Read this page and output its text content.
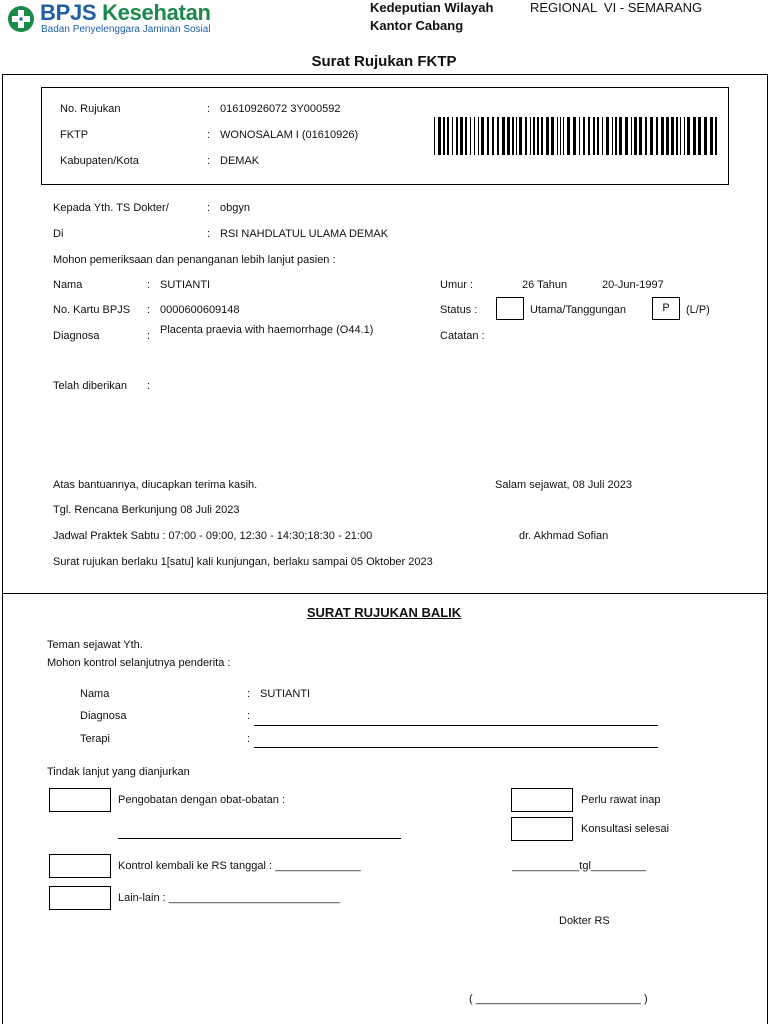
BPJS Kesehatan
Badan Penyelenggara Jaminan Sosial
Kedeputian Wilayah
Kantor Cabang
REGIONAL  VI - SEMARANG
Surat Rujukan FKTP
No. Rujukan	: 01610926072 3Y000592
FKTP	: WONOSALAM I (01610926)
Kabupaten/Kota	: DEMAK
Kepada Yth. TS Dokter/	: obgyn
Di	: RSI NAHDLATUL ULAMA DEMAK
Mohon pemeriksaan dan penanganan lebih lanjut pasien :
Nama	: SUTIANTI
No. Kartu BPJS : 0000600609148
Diagnosa	: Placenta praevia with haemorrhage (O44.1)
Umur :	26 Tahun	20-Jun-1997
Status :	Utama/Tanggungan	P	(L/P)
Catatan :
Telah diberikan :
Atas bantuannya, diucapkan terima kasih.	Salam sejawat, 08 Juli 2023
Tgl. Rencana Berkunjung 08 Juli 2023
Jadwal Praktek Sabtu : 07:00 - 09:00, 12:30 - 14:30;18:30 - 21:00	dr. Akhmad Sofian
Surat rujukan berlaku 1[satu] kali kunjungan, berlaku sampai 05 Oktober 2023
SURAT RUJUKAN BALIK
Teman sejawat Yth.
Mohon kontrol selanjutnya penderita :
Nama	: SUTIANTI
Diagnosa	:
Terapi	:
Tindak lanjut yang dianjurkan
Pengobatan dengan obat-obatan :
Kontrol kembali ke RS tanggal : ______________
Lain-lain : ____________________________
Perlu rawat inap
Konsultasi selesai
___________tgl_________
Dokter RS
( ___________________________ )
